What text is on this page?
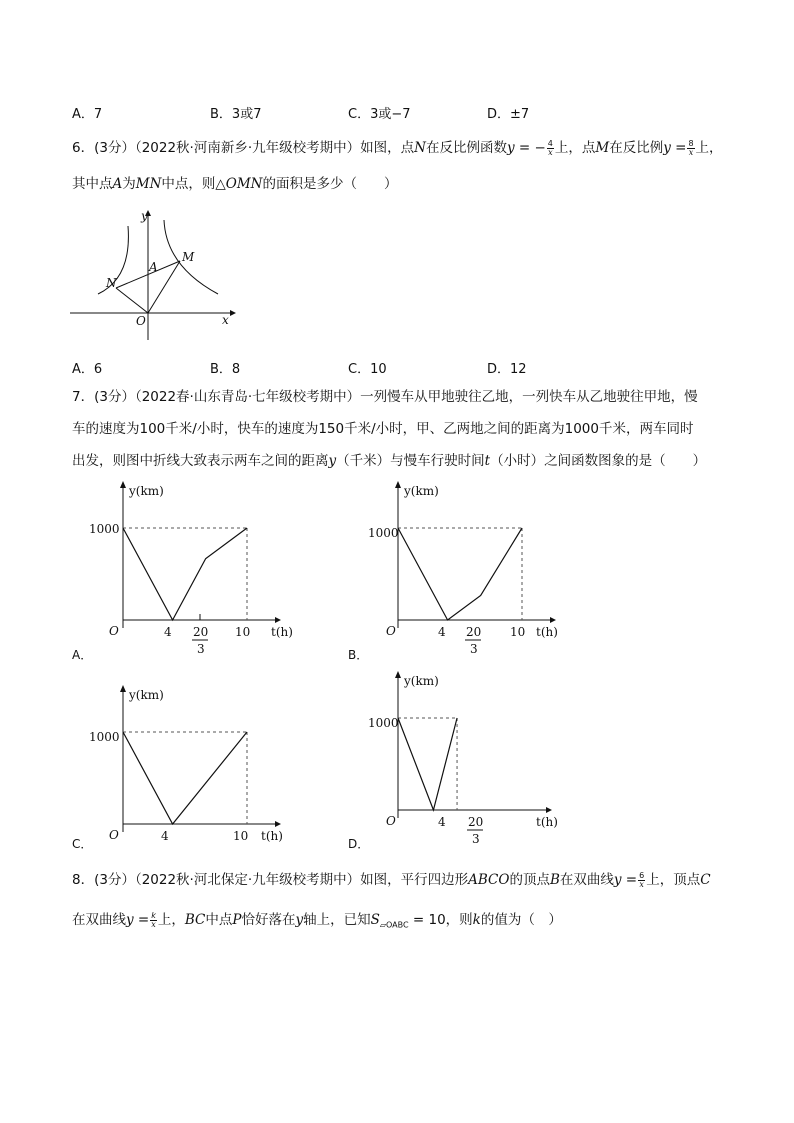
A．7	B．3或7	C．3或−7	D．±7
6．(3分）（2022秋·河南新乡·九年级校考期中）如图，点N在反比例函数y = − $\frac{4}{x}$ 上，点M在反比例$y = \frac{8}{x}$ 上，
其中点A为MN中点，则△OMN的面积是多少（　　）
y
x
N
M
A
O
A．6	B．8	C．10	D．12
7．(3分）（2022春·山东青岛·七年级校考期中）一列慢车从甲地驶往乙地，一列快车从乙地驶往甲地，慢
车的速度为100千米/小时，快车的速度为150千米/小时，甲、乙两地之间的距离为1000千米，两车同时
出发，则图中折线大致表示两车之间的距离y（千米）与慢车行驶时间t（小时）之间函数图象的是（　　）
y(km)
t(h)
O
1000
4 20
3
10
A．
y(km)
t(h)
O
1000
4 20
3
10
B．
y(km)
t(h)
O
1000
4	10
C．
y(km)
t(h)
O
1000
4 20
3
D．
8．(3分）（2022秋·河北保定·九年级校考期中）如图，平行四边形ABCO的顶点B在双曲线$y = \frac{6}{x}$ 上，顶点C
在双曲线$y = \frac{k}{x}$ 上，BC中点P恰好落在y轴上，已知$S_{▱OABC} = 10$，则k的值为（　）
